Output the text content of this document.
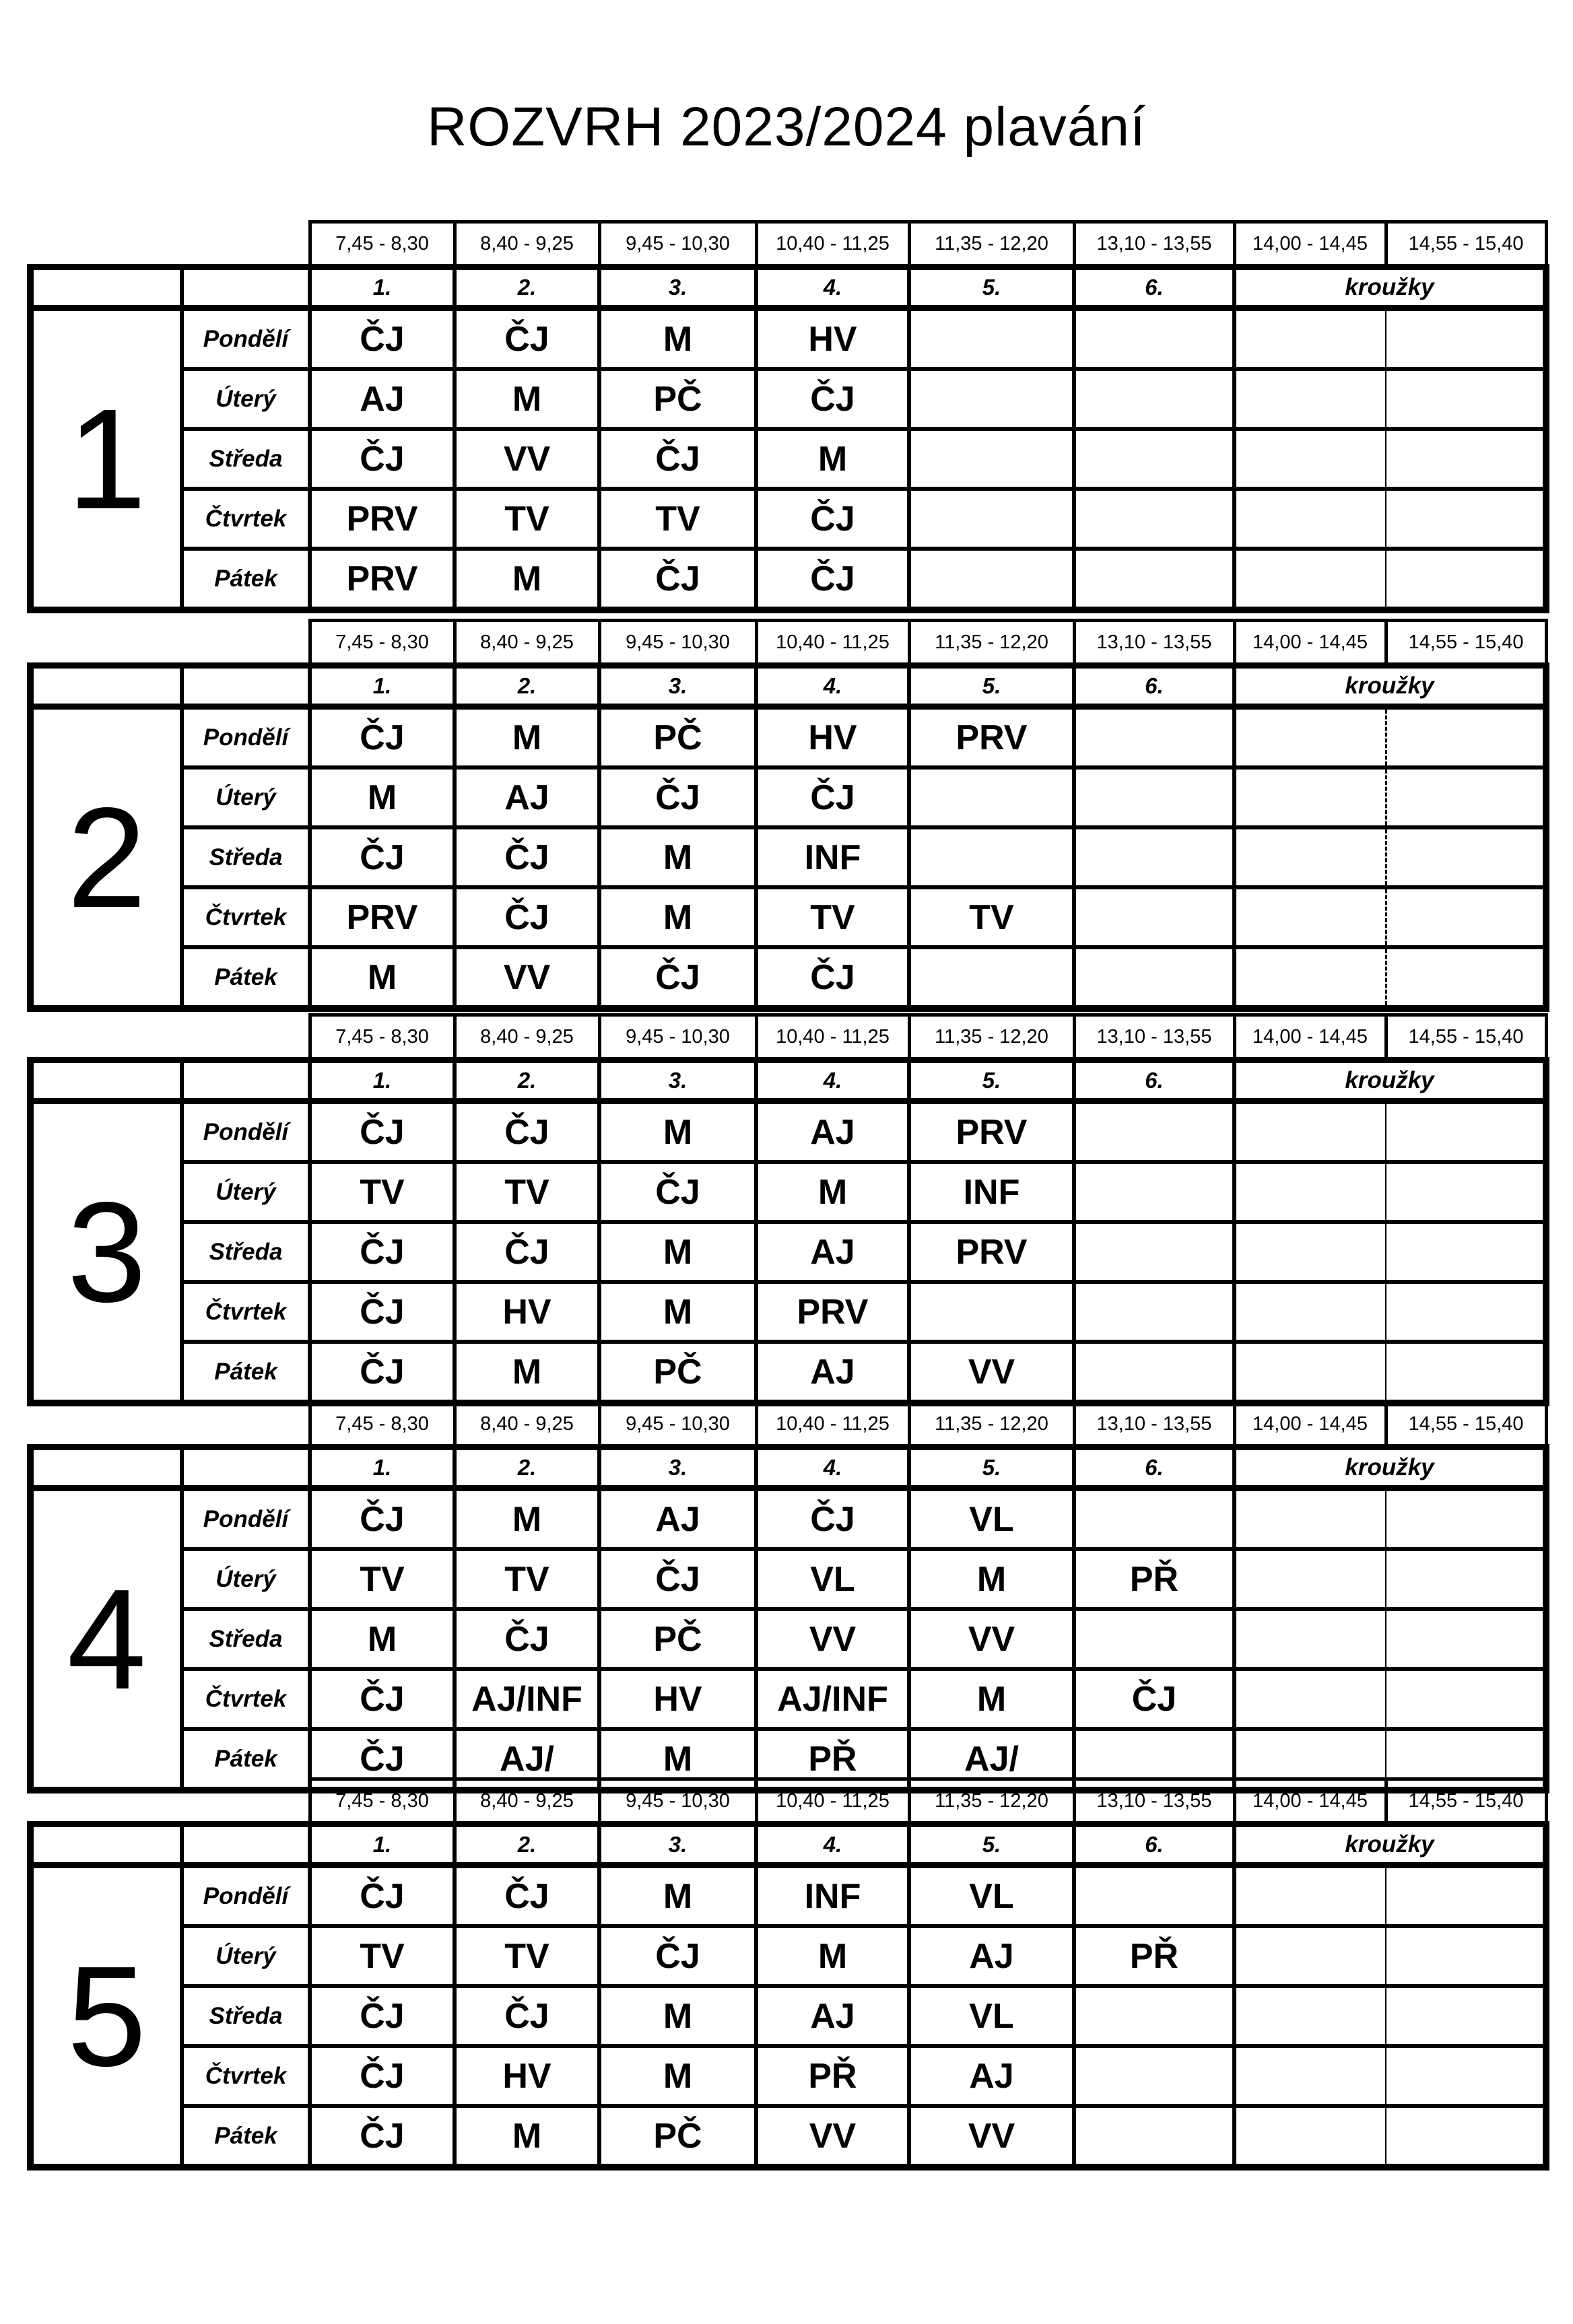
ROZVRH 2023/2024 plavání
		7,45 - 8,30	8,40 - 9,25	9,45 - 10,30	10,40 - 11,25	11,35 - 12,20	13,10 - 13,55	14,00 - 14,45	14,55 - 15,40
		1.	2.	3.	4.	5.	6.	kroužky	
1	Pondělí	ČJ	ČJ	M	HV				
	Úterý	AJ	M	PČ	ČJ				
	Středa	ČJ	VV	ČJ	M				
	Čtvrtek	PRV	TV	TV	ČJ				
	Pátek	PRV	M	ČJ	ČJ				
		7,45 - 8,30	8,40 - 9,25	9,45 - 10,30	10,40 - 11,25	11,35 - 12,20	13,10 - 13,55	14,00 - 14,45	14,55 - 15,40
		1.	2.	3.	4.	5.	6.	kroužky	
2	Pondělí	ČJ	M	PČ	HV	PRV			
	Úterý	M	AJ	ČJ	ČJ				
	Středa	ČJ	ČJ	M	INF				
	Čtvrtek	PRV	ČJ	M	TV	TV			
	Pátek	M	VV	ČJ	ČJ				
		7,45 - 8,30	8,40 - 9,25	9,45 - 10,30	10,40 - 11,25	11,35 - 12,20	13,10 - 13,55	14,00 - 14,45	14,55 - 15,40
		1.	2.	3.	4.	5.	6.	kroužky	
3	Pondělí	ČJ	ČJ	M	AJ	PRV			
	Úterý	TV	TV	ČJ	M	INF			
	Středa	ČJ	ČJ	M	AJ	PRV			
	Čtvrtek	ČJ	HV	M	PRV				
	Pátek	ČJ	M	PČ	AJ	VV			
		7,45 - 8,30	8,40 - 9,25	9,45 - 10,30	10,40 - 11,25	11,35 - 12,20	13,10 - 13,55	14,00 - 14,45	14,55 - 15,40
		1.	2.	3.	4.	5.	6.	kroužky	
4	Pondělí	ČJ	M	AJ	ČJ	VL			
	Úterý	TV	TV	ČJ	VL	M	PŘ		
	Středa	M	ČJ	PČ	VV	VV			
	Čtvrtek	ČJ	AJ/INF	HV	AJ/INF	M	ČJ		
	Pátek	ČJ	AJ/	M	PŘ	AJ/			
		7,45 - 8,30	8,40 - 9,25	9,45 - 10,30	10,40 - 11,25	11,35 - 12,20	13,10 - 13,55	14,00 - 14,45	14,55 - 15,40
		1.	2.	3.	4.	5.	6.	kroužky	
5	Pondělí	ČJ	ČJ	M	INF	VL			
	Úterý	TV	TV	ČJ	M	AJ	PŘ		
	Středa	ČJ	ČJ	M	AJ	VL			
	Čtvrtek	ČJ	HV	M	PŘ	AJ			
	Pátek	ČJ	M	PČ	VV	VV			
